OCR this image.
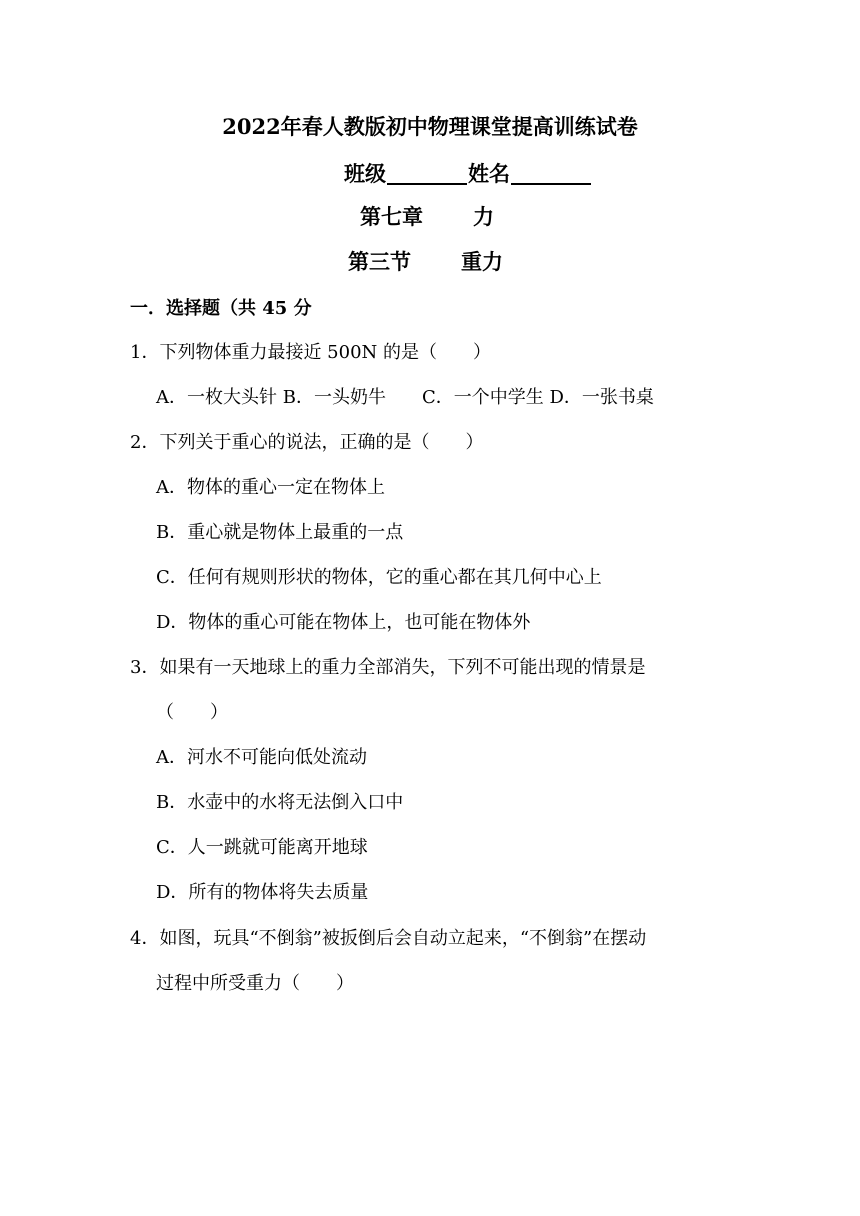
2022年春人教版初中物理课堂提高训练试卷
班级	姓名
第七章 力
第三节 重力
一．选择题（共 45 分
1．下列物体重力最接近 500N 的是（　　）
A．一枚大头针 B．一头奶牛　　C．一个中学生 D．一张书桌
2．下列关于重心的说法，正确的是（　　）
A．物体的重心一定在物体上
B．重心就是物体上最重的一点
C．任何有规则形状的物体，它的重心都在其几何中心上
D．物体的重心可能在物体上，也可能在物体外
3．如果有一天地球上的重力全部消失，下列不可能出现的情景是
（　　）
A．河水不可能向低处流动
B．水壶中的水将无法倒入口中
C．人一跳就可能离开地球
D．所有的物体将失去质量
4．如图，玩具“不倒翁”被扳倒后会自动立起来，“不倒翁”在摆动
过程中所受重力（　　）
